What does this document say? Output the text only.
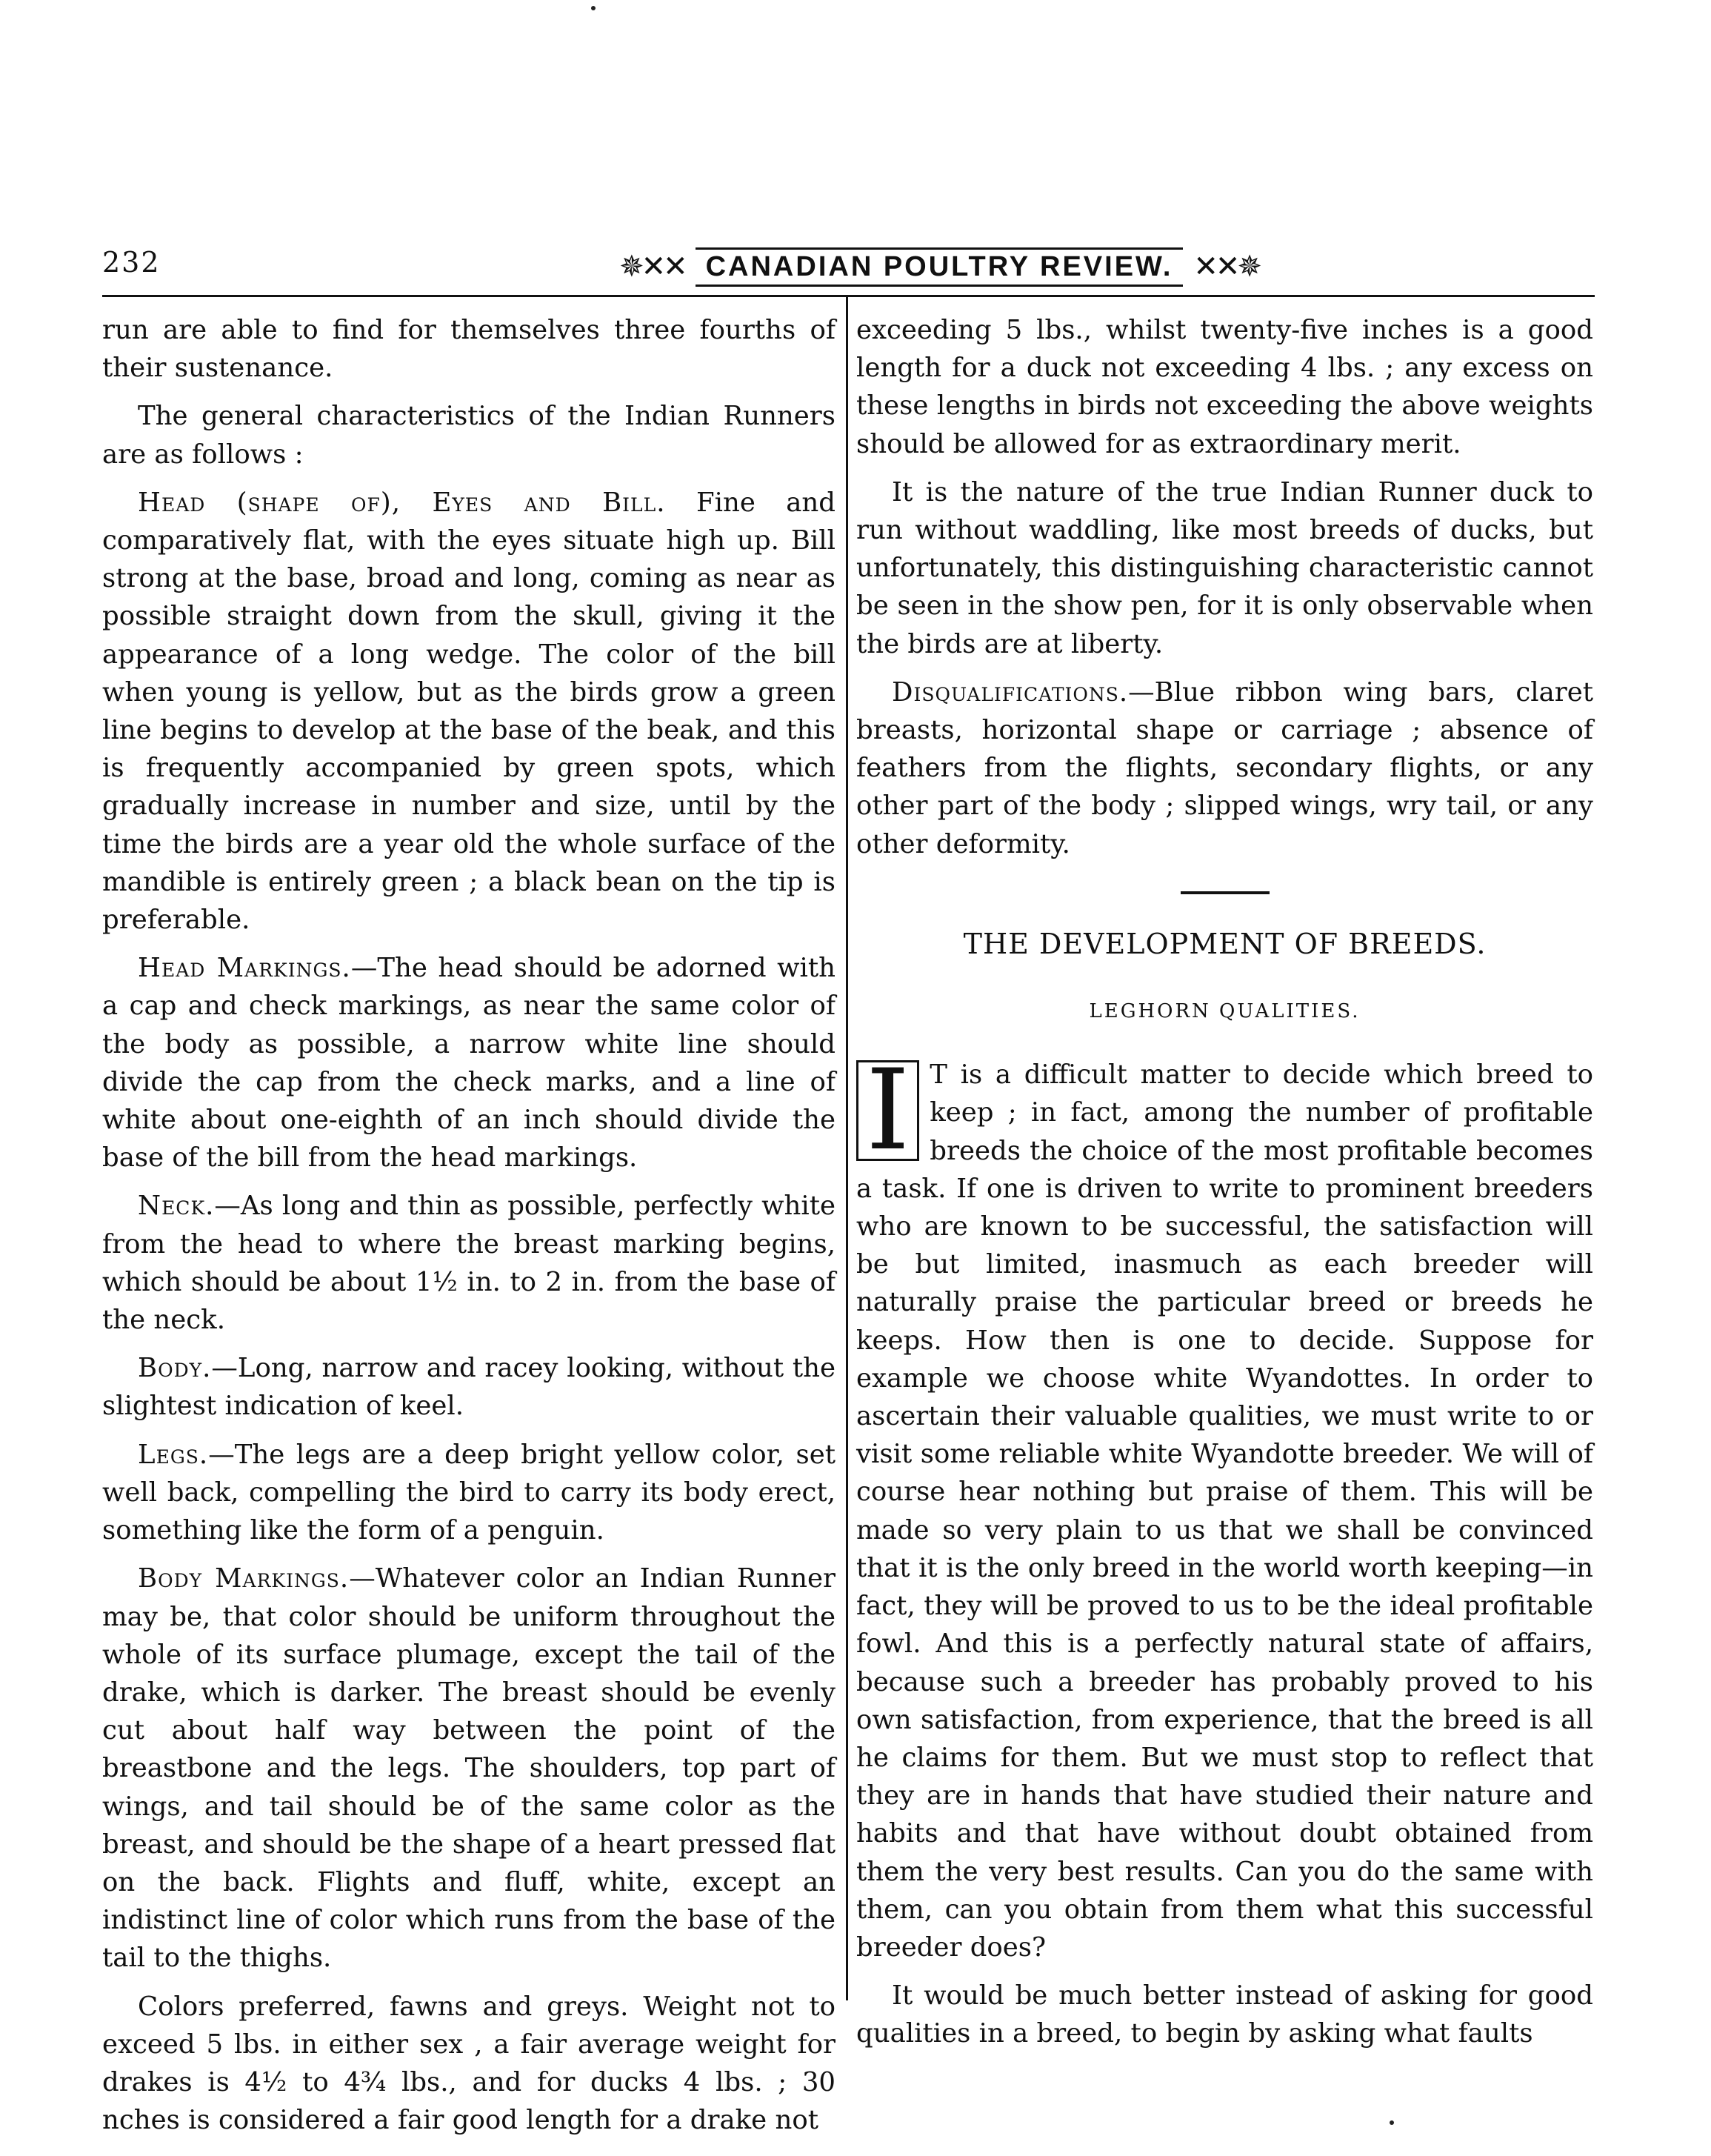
232	✵✕✕ CANADIAN POULTRY REVIEW. ✕✕✵

run are able to find for themselves three fourths of their sustenance.

The general characteristics of the Indian Runners are as follows :

Head (shape of), Eyes and Bill. Fine and comparatively flat, with the eyes situate high up. Bill strong at the base, broad and long, coming as near as possible straight down from the skull, giving it the appearance of a long wedge. The color of the bill when young is yellow, but as the birds grow a green line begins to develop at the base of the beak, and this is frequently accompanied by green spots, which gradually increase in number and size, until by the time the birds are a year old the whole surface of the mandible is entirely green ; a black bean on the tip is preferable.

Head Markings.—The head should be adorned with a cap and check markings, as near the same color of the body as possible, a narrow white line should divide the cap from the check marks, and a line of white about one-eighth of an inch should divide the base of the bill from the head markings.

Neck.—As long and thin as possible, perfectly white from the head to where the breast marking begins, which should be about 1½ in. to 2 in. from the base of the neck.

Body.—Long, narrow and racey looking, without the slightest indication of keel.

Legs.—The legs are a deep bright yellow color, set well back, compelling the bird to carry its body erect, something like the form of a penguin.

Body Markings.—Whatever color an Indian Runner may be, that color should be uniform throughout the whole of its surface plumage, except the tail of the drake, which is darker. The breast should be evenly cut about half way between the point of the breastbone and the legs. The shoulders, top part of wings, and tail should be of the same color as the breast, and should be the shape of a heart pressed flat on the back. Flights and fluff, white, except an indistinct line of color which runs from the base of the tail to the thighs.

Colors preferred, fawns and greys. Weight not to exceed 5 lbs. in either sex , a fair average weight for drakes is 4½ to 4¾ lbs., and for ducks 4 lbs. ; 30 nches is considered a fair good length for a drake not

exceeding 5 lbs., whilst twenty-five inches is a good length for a duck not exceeding 4 lbs. ; any excess on these lengths in birds not exceeding the above weights should be allowed for as extraordinary merit.

It is the nature of the true Indian Runner duck to run without waddling, like most breeds of ducks, but unfortunately, this distinguishing characteristic cannot be seen in the show pen, for it is only observable when the birds are at liberty.

Disqualifications.—Blue ribbon wing bars, claret breasts, horizontal shape or carriage ; absence of feathers from the flights, secondary flights, or any other part of the body ; slipped wings, wry tail, or any other deformity.

THE DEVELOPMENT OF BREEDS.
LEGHORN QUALITIES.

I T is a difficult matter to decide which breed to keep ; in fact, among the number of profitable breeds the choice of the most profitable becomes a task. If one is driven to write to prominent breeders who are known to be successful, the satisfaction will be but limited, inasmuch as each breeder will naturally praise the particular breed or breeds he keeps. How then is one to decide. Suppose for example we choose white Wyandottes. In order to ascertain their valuable qualities, we must write to or visit some reliable white Wyandotte breeder. We will of course hear nothing but praise of them. This will be made so very plain to us that we shall be convinced that it is the only breed in the world worth keeping—in fact, they will be proved to us to be the ideal profitable fowl. And this is a perfectly natural state of affairs, because such a breeder has probably proved to his own satisfaction, from experience, that the breed is all he claims for them. But we must stop to reflect that they are in hands that have studied their nature and habits and that have without doubt obtained from them the very best results. Can you do the same with them, can you obtain from them what this successful breeder does?

It would be much better instead of asking for good qualities in a breed, to begin by asking what faults
